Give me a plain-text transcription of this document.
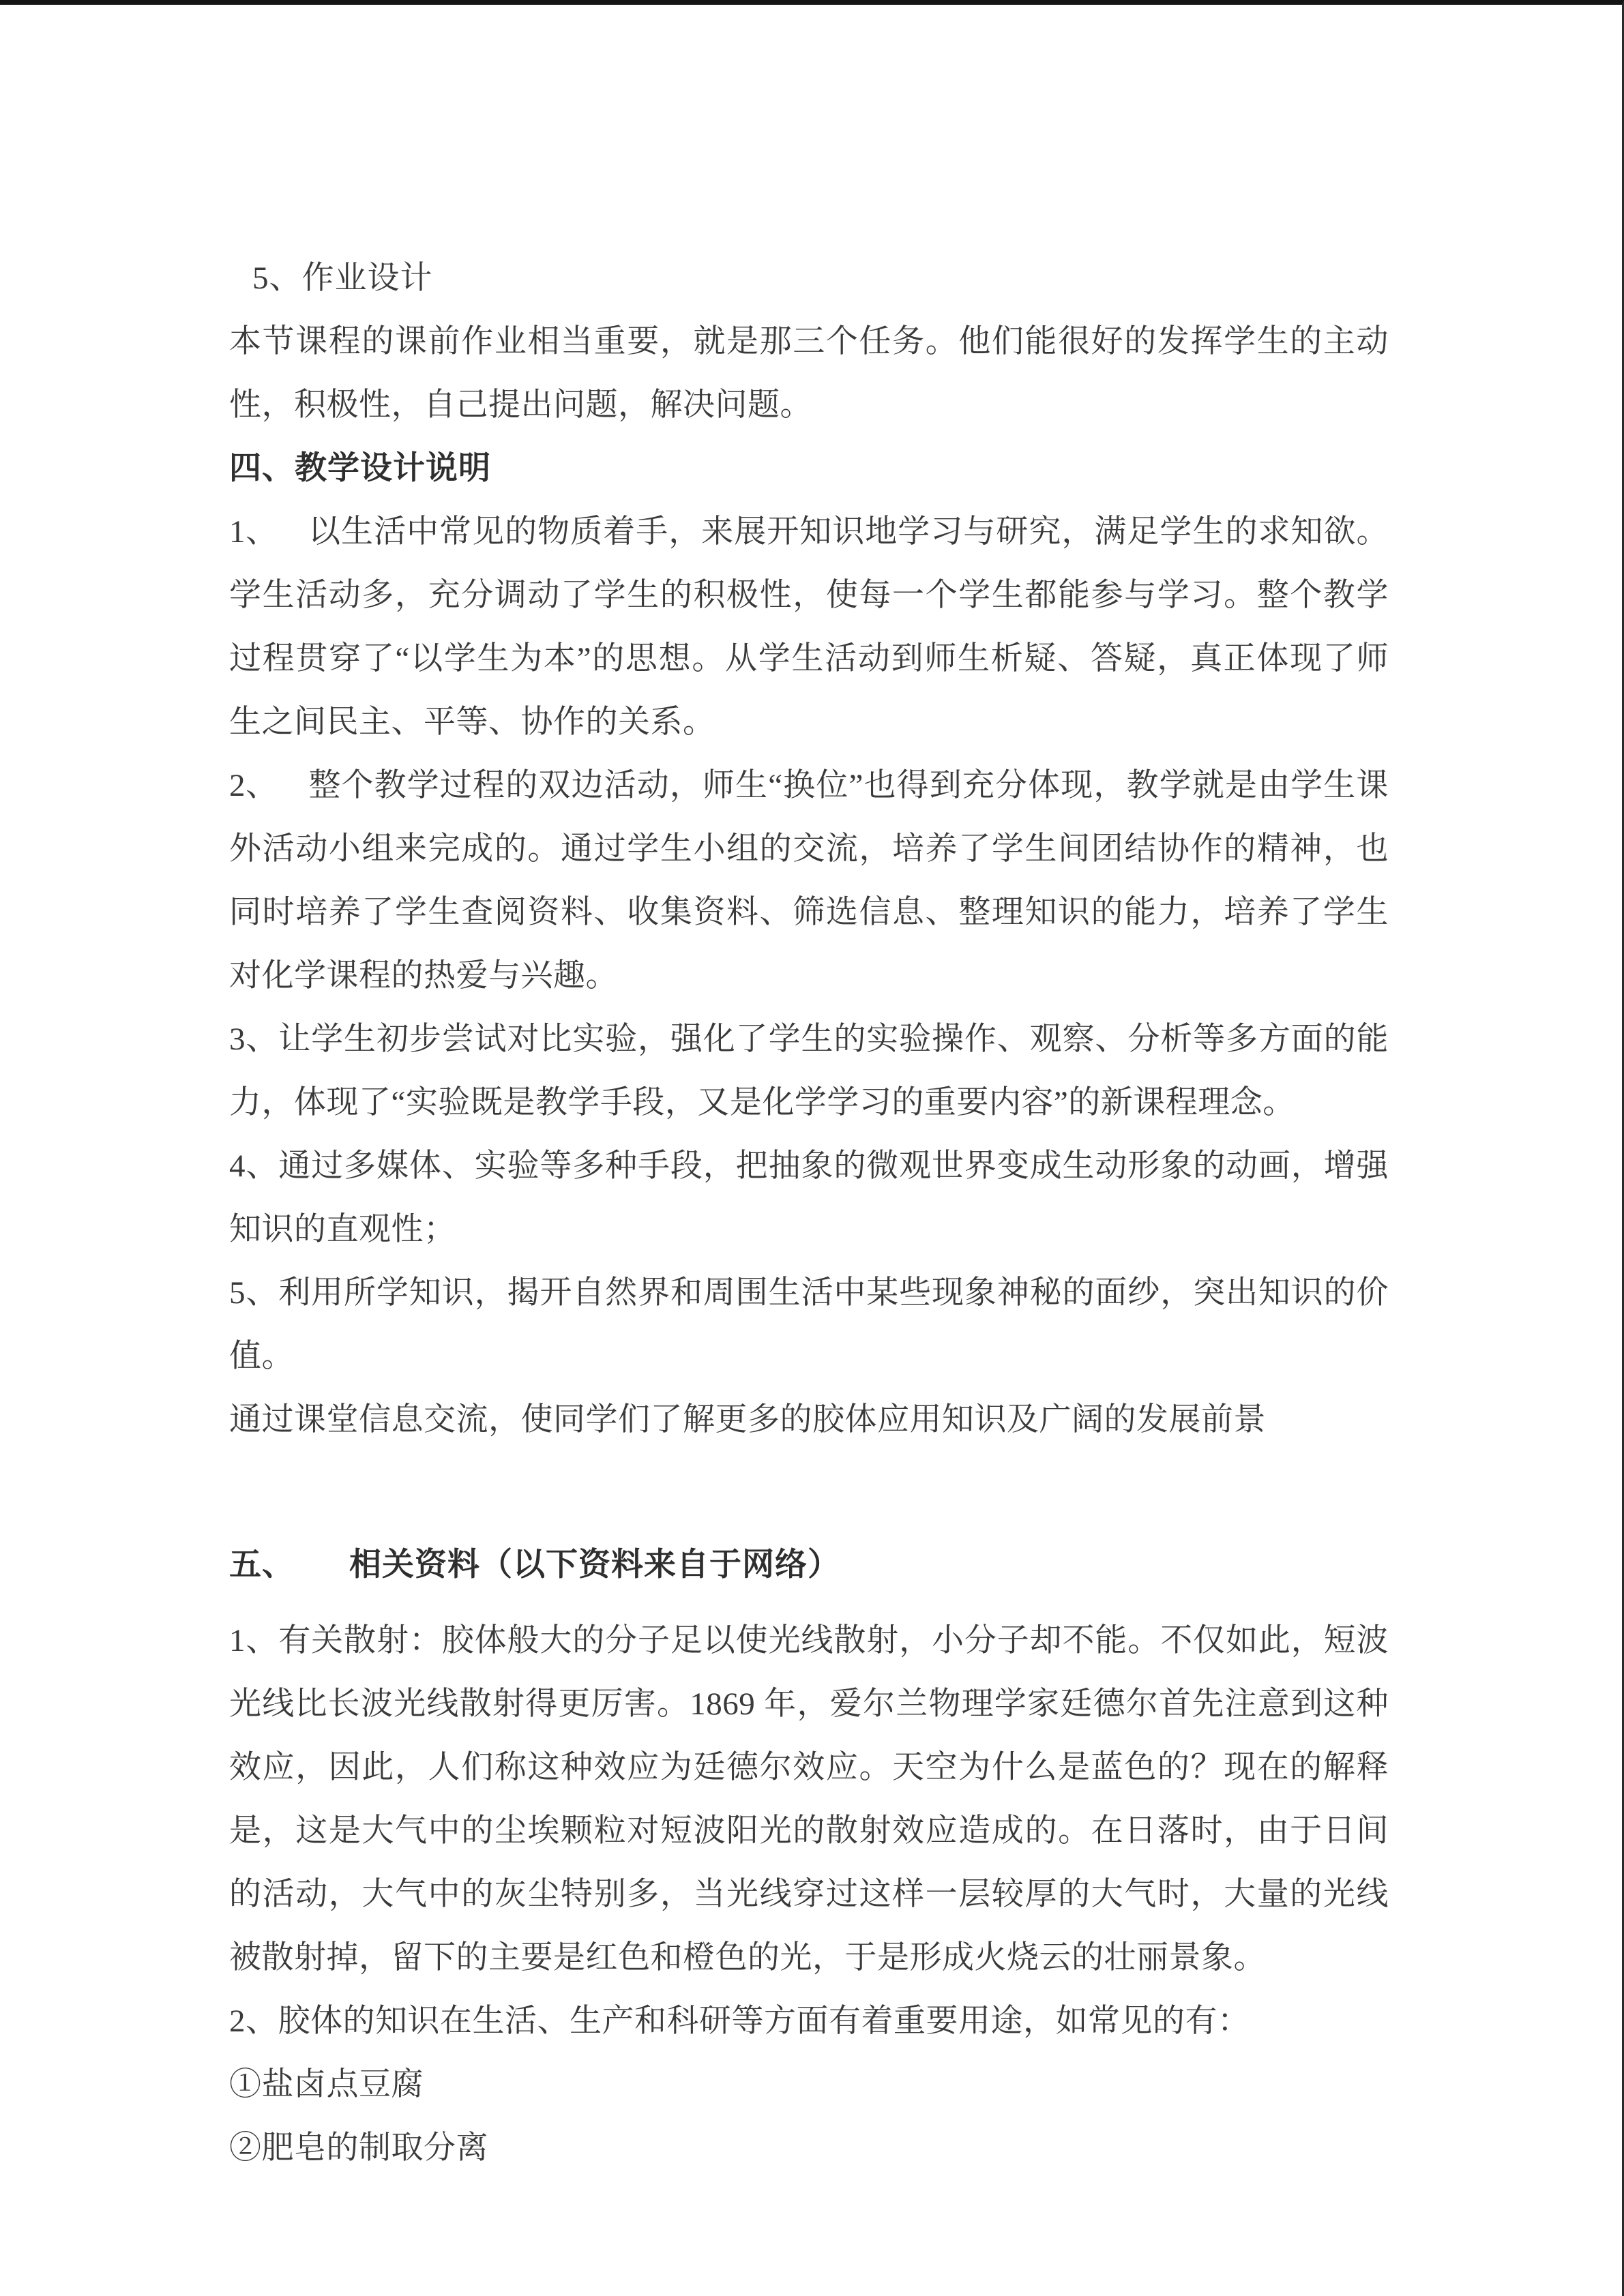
5、作业设计

本节课程的课前作业相当重要，就是那三个任务。他们能很好的发挥学生的主动性，积极性，自己提出问题，解决问题。

四、教学设计说明

1、 以生活中常见的物质着手，来展开知识地学习与研究，满足学生的求知欲。学生活动多，充分调动了学生的积极性，使每一个学生都能参与学习。整个教学过程贯穿了“以学生为本”的思想。从学生活动到师生析疑、答疑，真正体现了师生之间民主、平等、协作的关系。

2、 整个教学过程的双边活动，师生“换位”也得到充分体现，教学就是由学生课外活动小组来完成的。通过学生小组的交流，培养了学生间团结协作的精神，也同时培养了学生查阅资料、收集资料、筛选信息、整理知识的能力，培养了学生对化学课程的热爱与兴趣。

3、让学生初步尝试对比实验，强化了学生的实验操作、观察、分析等多方面的能力，体现了“实验既是教学手段，又是化学学习的重要内容”的新课程理念。

4、通过多媒体、实验等多种手段，把抽象的微观世界变成生动形象的动画，增强知识的直观性；

5、利用所学知识，揭开自然界和周围生活中某些现象神秘的面纱，突出知识的价值。

通过课堂信息交流，使同学们了解更多的胶体应用知识及广阔的发展前景

五、 相关资料（以下资料来自于网络）

1、有关散射：胶体般大的分子足以使光线散射，小分子却不能。不仅如此，短波光线比长波光线散射得更厉害。1869 年，爱尔兰物理学家廷德尔首先注意到这种效应，因此，人们称这种效应为廷德尔效应。天空为什么是蓝色的？现在的解释是，这是大气中的尘埃颗粒对短波阳光的散射效应造成的。在日落时，由于日间的活动，大气中的灰尘特别多，当光线穿过这样一层较厚的大气时，大量的光线被散射掉，留下的主要是红色和橙色的光，于是形成火烧云的壮丽景象。

2、胶体的知识在生活、生产和科研等方面有着重要用途，如常见的有：

①盐卤点豆腐

②肥皂的制取分离
